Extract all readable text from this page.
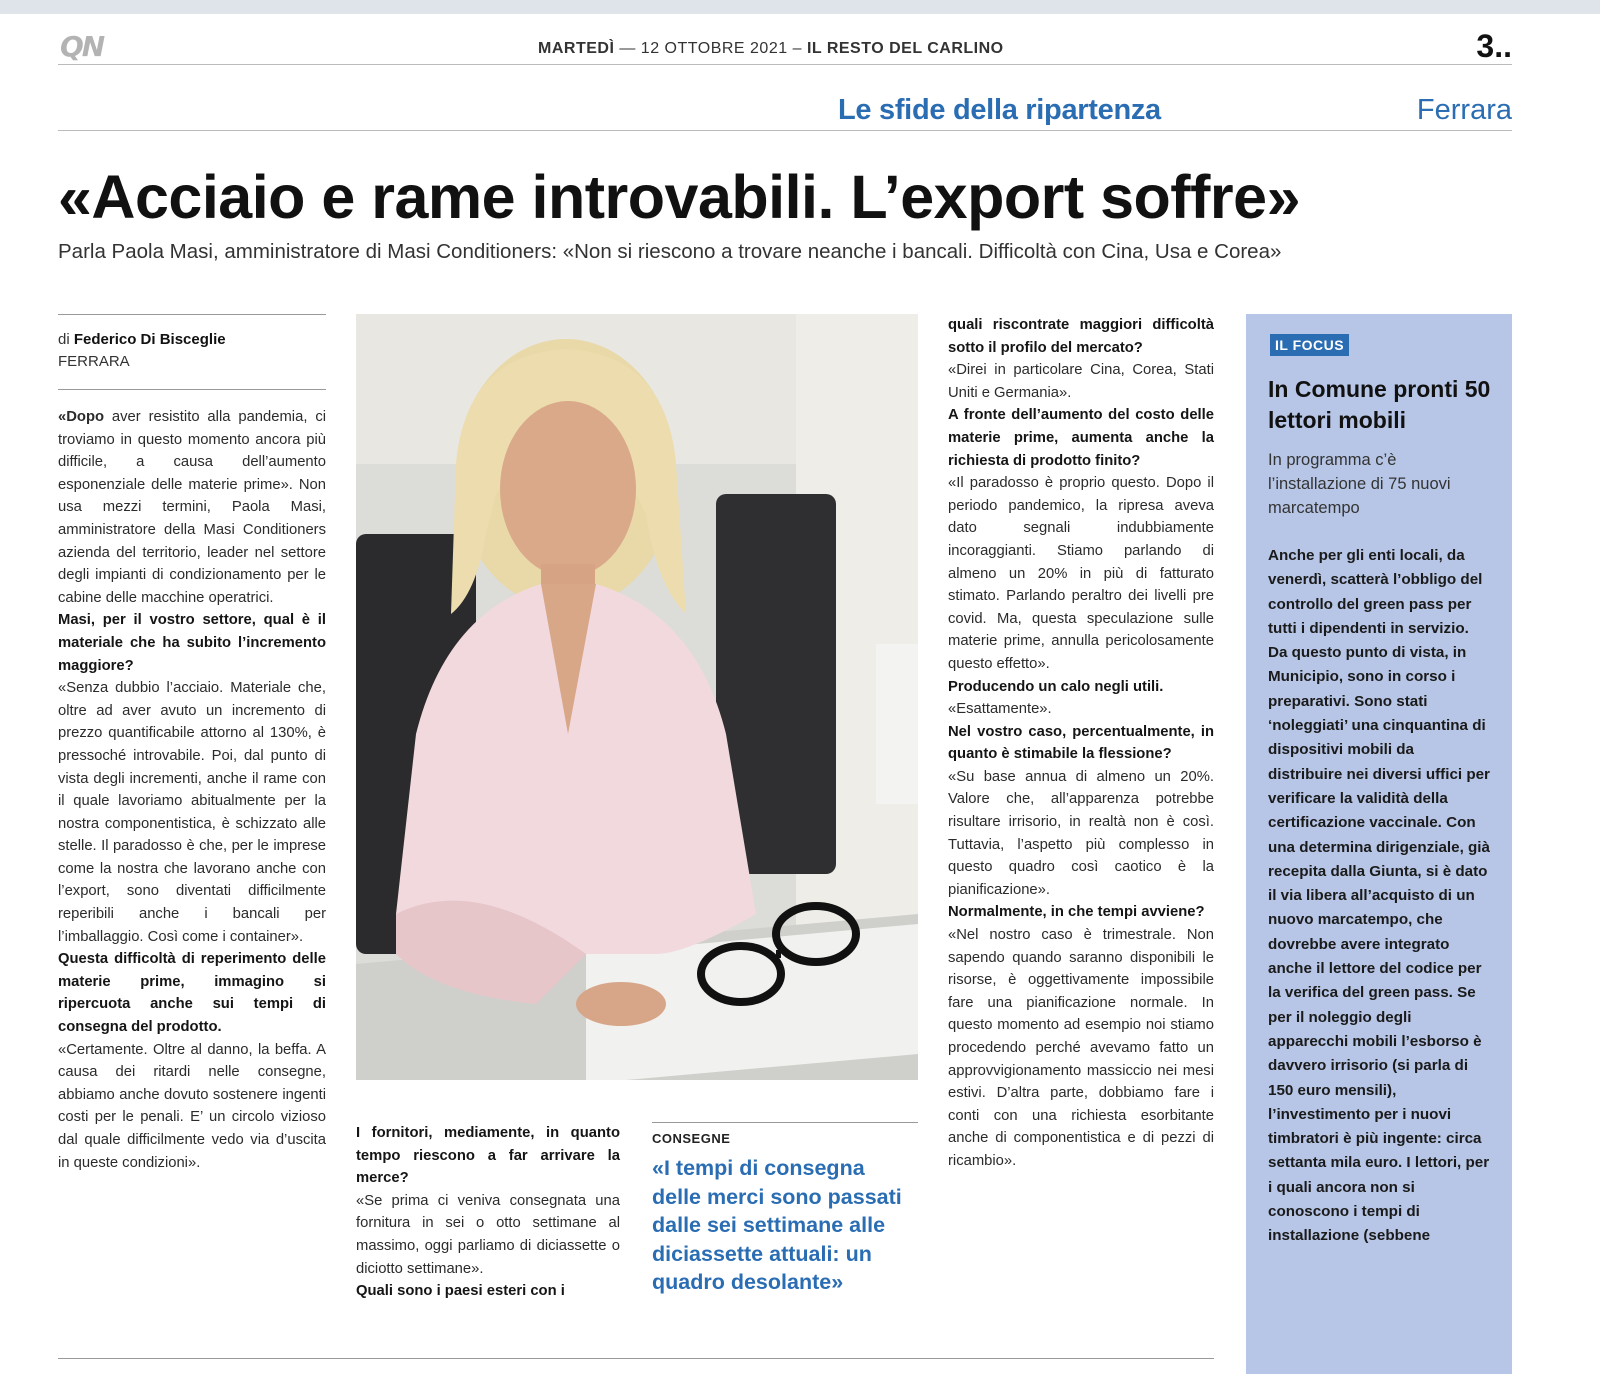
QN	MARTEDÌ — 12 OTTOBRE 2021 – IL RESTO DEL CARLINO	3..
Le sfide della ripartenza	Ferrara
«Acciaio e rame introvabili. L’export soffre»
Parla Paola Masi, amministratore di Masi Conditioners: «Non si riescono a trovare neanche i bancali. Difficoltà con Cina, Usa e Corea»
di Federico Di Bisceglie
FERRARA

«Dopo aver resistito alla pandemia, ci troviamo in questo momento ancora più difficile, a causa dell’aumento esponenziale delle materie prime». Non usa mezzi termini, Paola Masi, amministratore della Masi Conditioners azienda del territorio, leader nel settore degli impianti di condizionamento per le cabine delle macchine operatrici.

Masi, per il vostro settore, qual è il materiale che ha subito l’incremento maggiore?

«Senza dubbio l’acciaio. Materiale che, oltre ad aver avuto un incremento di prezzo quantificabile attorno al 130%, è pressoché introvabile. Poi, dal punto di vista degli incrementi, anche il rame con il quale lavoriamo abitualmente per la nostra componentistica, è schizzato alle stelle. Il paradosso è che, per le imprese come la nostra che lavorano anche con l’export, sono diventati difficilmente reperibili anche i bancali per l’imballaggio. Così come i container».

Questa difficoltà di reperimento delle materie prime, immagino si ripercuota anche sui tempi di consegna del prodotto.

«Certamente. Oltre al danno, la beffa. A causa dei ritardi nelle consegne, abbiamo anche dovuto sostenere ingenti costi per le penali. E’ un circolo vizioso dal quale difficilmente vedo via d’uscita in queste condizioni».

I fornitori, mediamente, in quanto tempo riescono a far arrivare la merce?

«Se prima ci veniva consegnata una fornitura in sei o otto settimane al massimo, oggi parliamo di diciassette o diciotto settimane».

Quali sono i paesi esteri con i

CONSEGNE
«I tempi di consegna delle merci sono passati dalle sei settimane alle diciassette attuali: un quadro desolante»

quali riscontrate maggiori difficoltà sotto il profilo del mercato?

«Direi in particolare Cina, Corea, Stati Uniti e Germania».

A fronte dell’aumento del costo delle materie prime, aumenta anche la richiesta di prodotto finito?

«Il paradosso è proprio questo. Dopo il periodo pandemico, la ripresa aveva dato segnali indubbiamente incoraggianti. Stiamo parlando di almeno un 20% in più di fatturato stimato. Parlando peraltro dei livelli pre covid. Ma, questa speculazione sulle materie prime, annulla pericolosamente questo effetto».

Producendo un calo negli utili.

«Esattamente».

Nel vostro caso, percentualmente, in quanto è stimabile la flessione?

«Su base annua di almeno un 20%. Valore che, all’apparenza potrebbe risultare irrisorio, in realtà non è così. Tuttavia, l’aspetto più complesso in questo quadro così caotico è la pianificazione».

Normalmente, in che tempi avviene?

«Nel nostro caso è trimestrale. Non sapendo quando saranno disponibili le risorse, è oggettivamente impossibile fare una pianificazione normale. In questo momento ad esempio noi stiamo procedendo perché avevamo fatto un approvvigionamento massiccio nei mesi estivi. D’altra parte, dobbiamo fare i conti con una richiesta esorbitante anche di componentistica e di pezzi di ricambio».

IL FOCUS
In Comune pronti 50 lettori mobili
In programma c’è l’installazione di 75 nuovi marcatempo
Anche per gli enti locali, da venerdì, scatterà l’obbligo del controllo del green pass per tutti i dipendenti in servizio. Da questo punto di vista, in Municipio, sono in corso i preparativi. Sono stati ‘noleggiati’ una cinquantina di dispositivi mobili da distribuire nei diversi uffici per verificare la validità della certificazione vaccinale. Con una determina dirigenziale, già recepita dalla Giunta, si è dato il via libera all’acquisto di un nuovo marcatempo, che dovrebbe avere integrato anche il lettore del codice per la verifica del green pass. Se per il noleggio degli apparecchi mobili l’esborso è davvero irrisorio (si parla di 150 euro mensili), l’investimento per i nuovi timbratori è più ingente: circa settanta mila euro. I lettori, per i quali ancora non si conoscono i tempi di installazione (sebbene
